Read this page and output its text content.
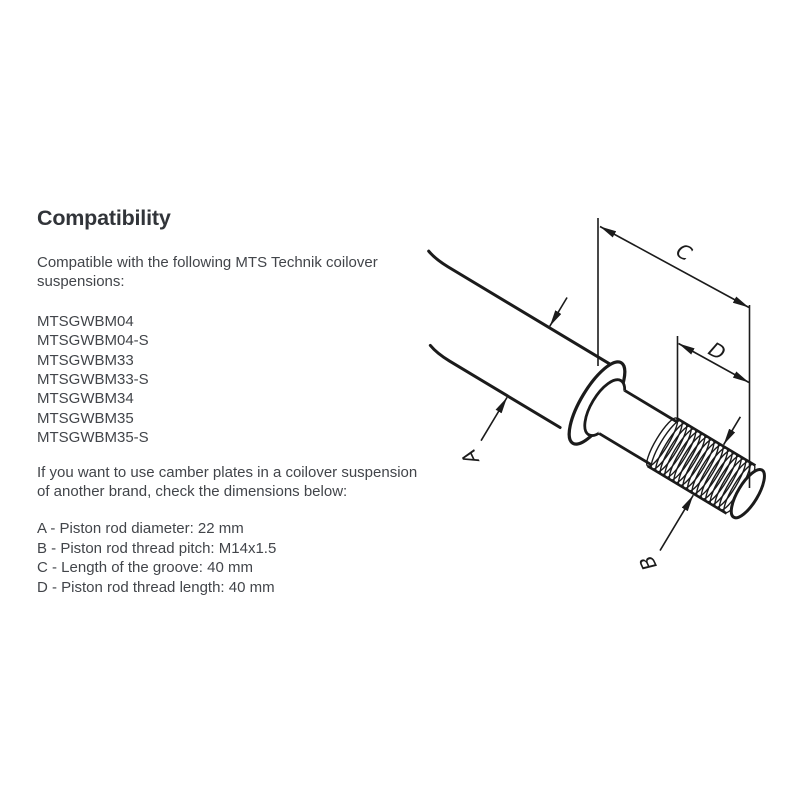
Compatibility
Compatible with the following MTS Technik coilover
suspensions:
MTSGWBM04
MTSGWBM04-S
MTSGWBM33
MTSGWBM33-S
MTSGWBM34
MTSGWBM35
MTSGWBM35-S
If you want to use camber plates in a coilover suspension
of another brand, check the dimensions below:
A - Piston rod diameter: 22 mm
B - Piston rod thread pitch: M14x1.5
C - Length of the groove: 40 mm
D - Piston rod thread length: 40 mm
A
B
C
D
